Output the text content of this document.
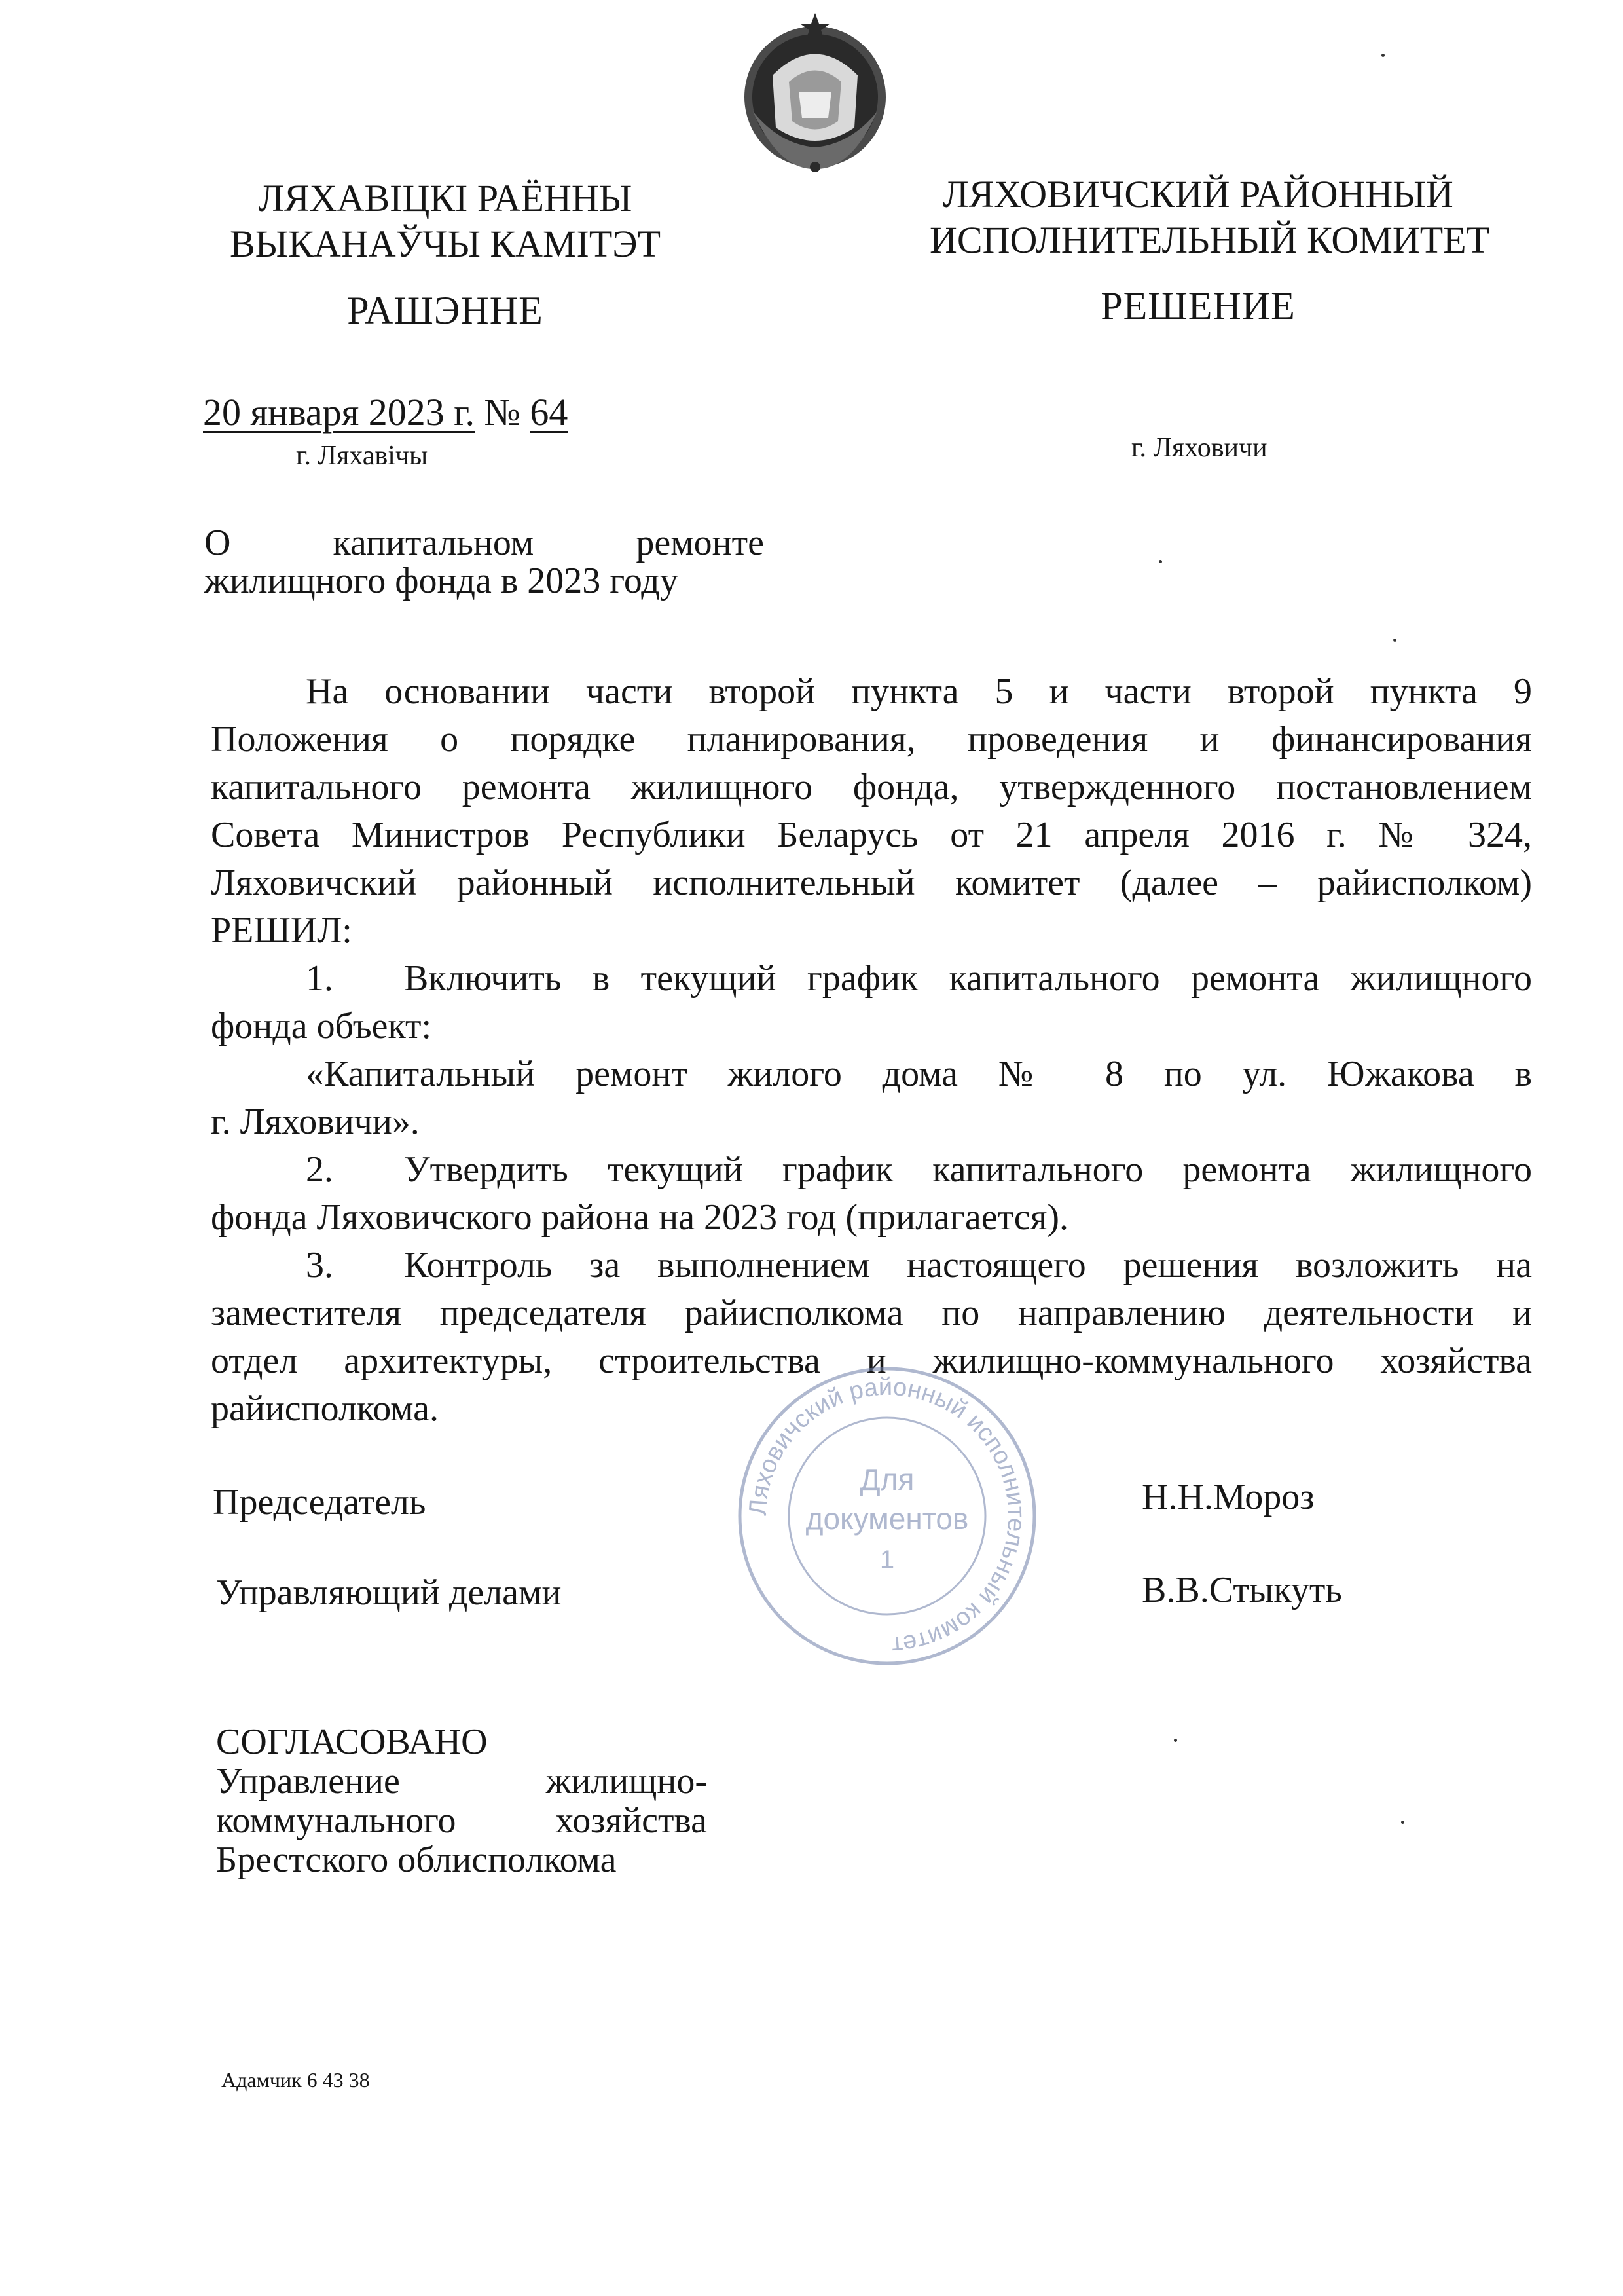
ЛЯХАВІЦКІ РАЁННЫ
ВЫКАНАЎЧЫ КАМІТЭТ
РАШЭННЕ
ЛЯХОВИЧСКИЙ РАЙОННЫЙ
ИСПОЛНИТЕЛЬНЫЙ КОМИТЕТ
РЕШЕНИЕ
20 января 2023 г. № 64
г. Ляхавічы	г. Ляховичи
О	капитальном	ремонте
жилищного фонда в 2023 году
На основании части второй пункта 5 и части второй пункта 9
Положения о порядке планирования, проведения и финансирования
капитального ремонта жилищного фонда, утвержденного постановлением
Совета Министров Республики Беларусь от 21 апреля 2016 г. № 324,
Ляховичский районный исполнительный комитет (далее – райисполком)
РЕШИЛ:
1.	Включить в текущий график капитального ремонта жилищного
фонда объект:
«Капитальный ремонт жилого дома № 8 по ул. Южакова в
г. Ляховичи».
2.	Утвердить текущий график капитального ремонта жилищного
фонда Ляховичского района на 2023 год (прилагается).
3.	Контроль за выполнением настоящего решения возложить на
заместителя председателя райисполкома по направлению деятельности и
отдел архитектуры, строительства и жилищно-коммунального хозяйства
райисполкома.
Ляховичский районный исполнительный комитет
Для
документов
1
Председатель	Н.Н.Мороз
Управляющий делами	В.В.Стыкуть
СОГЛАСОВАНО
Управление	жилищно-
коммунального	хозяйства
Брестского облисполкома
Адамчик 6 43 38
